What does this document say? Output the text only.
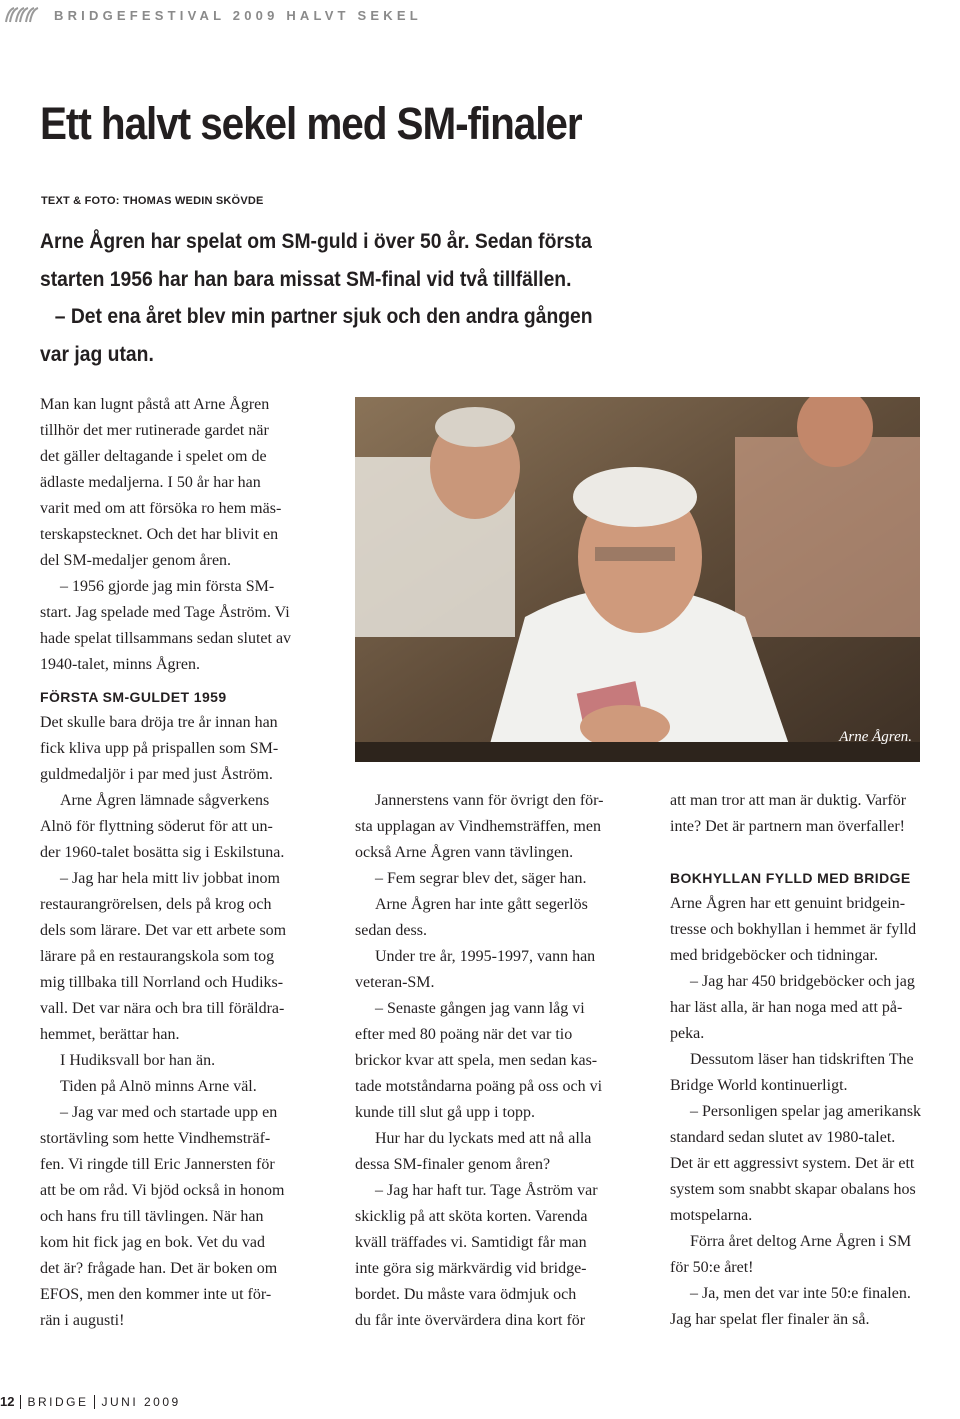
BRIDGEFESTIVAL 2009 HALVT SEKEL
Ett halvt sekel med SM-finaler
TEXT & FOTO: THOMAS WEDIN SKÖVDE

Arne Ågren har spelat om SM-guld i över 50 år. Sedan första

starten 1956 har han bara missat SM-final vid två tillfällen.

– Det ena året blev min partner sjuk och den andra gången

var jag utan.

Man kan lugnt påstå att Arne Ågren

tillhör det mer rutinerade gardet när

det gäller deltagande i spelet om de

ädlaste medaljerna. I 50 år har han

varit med om att försöka ro hem mäs-

terskapstecknet. Och det har blivit en

del SM-medaljer genom åren.

– 1956 gjorde jag min första SM-

start. Jag spelade med Tage Åström. Vi

hade spelat tillsammans sedan slutet av

1940-talet, minns Ågren.

FÖRSTA SM-GULDET 1959

Det skulle bara dröja tre år innan han

fick kliva upp på prispallen som SM-

guldmedaljör i par med just Åström.

Arne Ågren lämnade sågverkens

Alnö för flyttning söderut för att un-

der 1960-talet bosätta sig i Eskilstuna.

– Jag har hela mitt liv jobbat inom

restaurangrörelsen, dels på krog och

dels som lärare. Det var ett arbete som

lärare på en restaurangskola som tog

mig tillbaka till Norrland och Hudiks-

vall. Det var nära och bra till föräldra-

hemmet, berättar han.

I Hudiksvall bor han än.

Tiden på Alnö minns Arne väl.

– Jag var med och startade upp en

stortävling som hette Vindhemsträf-

fen. Vi ringde till Eric Jannersten för

att be om råd. Vi bjöd också in honom

och hans fru till tävlingen. När han

kom hit fick jag en bok. Vet du vad

det är? frågade han. Det är boken om

EFOS, men den kommer inte ut för-

rän i augusti!

Arne Ågren.

Jannerstens vann för övrigt den för-

sta upplagan av Vindhemsträffen, men

också Arne Ågren vann tävlingen.

– Fem segrar blev det, säger han.

Arne Ågren har inte gått segerlös

sedan dess.

Under tre år, 1995-1997, vann han

veteran-SM.

– Senaste gången jag vann låg vi

efter med 80 poäng när det var tio

brickor kvar att spela, men sedan kas-

tade motståndarna poäng på oss och vi

kunde till slut gå upp i topp.

Hur har du lyckats med att nå alla

dessa SM-finaler genom åren?

– Jag har haft tur. Tage Åström var

skicklig på att sköta korten. Varenda

kväll träffades vi. Samtidigt får man

inte göra sig märkvärdig vid bridge-

bordet. Du måste vara ödmjuk och

du får inte övervärdera dina kort för

att man tror att man är duktig. Varför

inte? Det är partnern man överfaller!

BOKHYLLAN FYLLD MED BRIDGE

Arne Ågren har ett genuint bridgein-

tresse och bokhyllan i hemmet är fylld

med bridgeböcker och tidningar.

– Jag har 450 bridgeböcker och jag

har läst alla, är han noga med att på-

peka.

Dessutom läser han tidskriften The

Bridge World kontinuerligt.

– Personligen spelar jag amerikansk

standard sedan slutet av 1980-talet.

Det är ett aggressivt system. Det är ett

system som snabbt skapar obalans hos

motspelarna.

Förra året deltog Arne Ågren i SM

för 50:e året!

– Ja, men det var inte 50:e finalen.

Jag har spelat fler finaler än så.

12 BRIDGE JUNI 2009
